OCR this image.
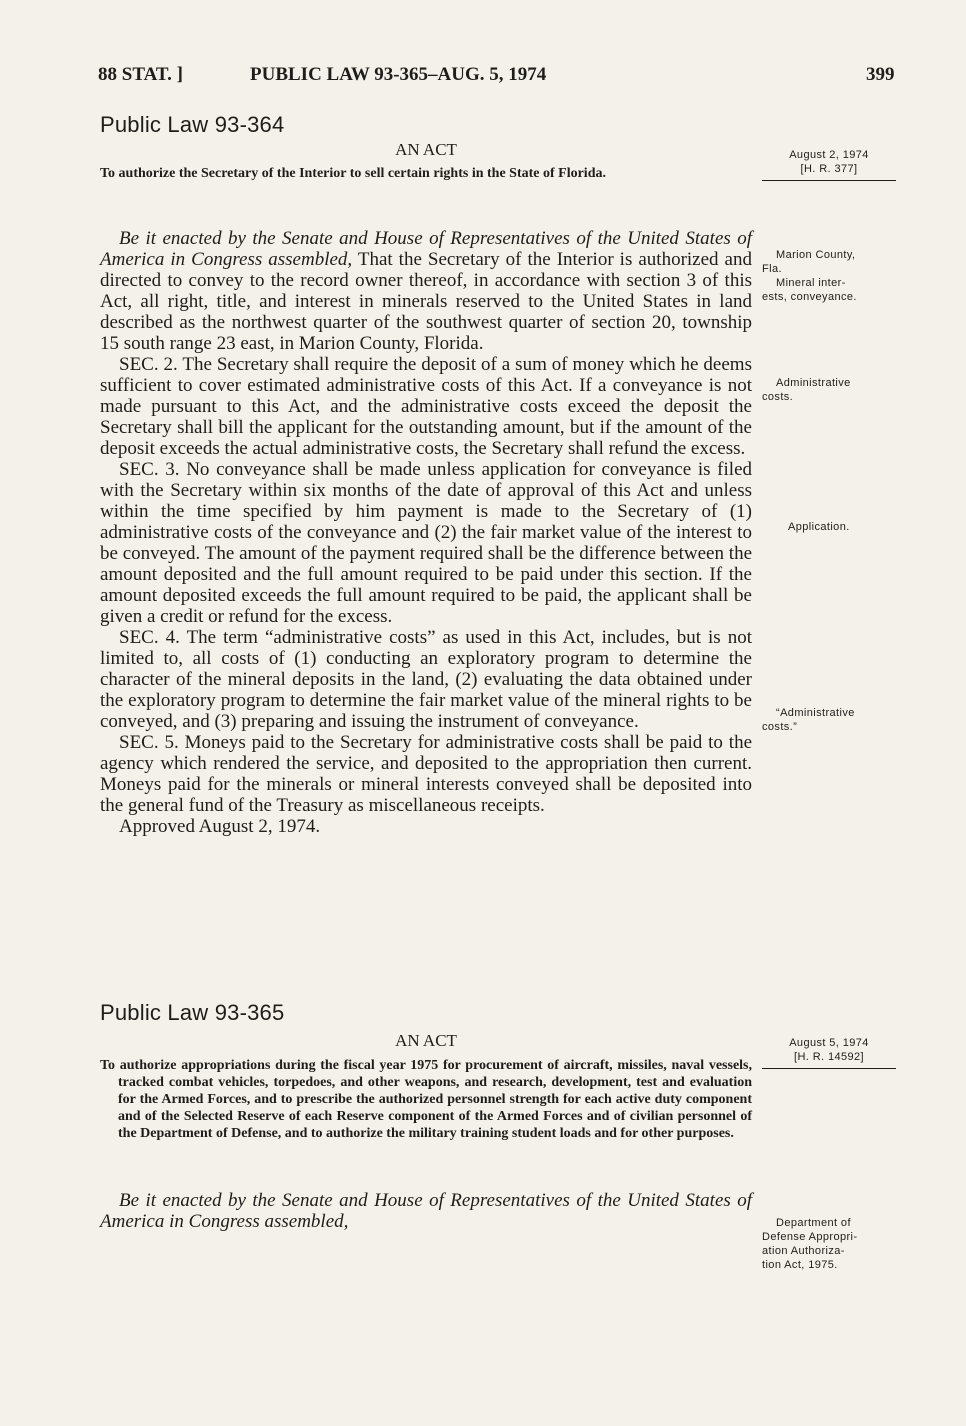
88 STAT. ]	PUBLIC LAW 93-365–AUG. 5, 1974	399
Public Law 93-364
AN ACT
To authorize the Secretary of the Interior to sell certain rights in the State of Florida.
August 2, 1974
[H. R. 377]

Be it enacted by the Senate and House of Representatives of the United States of America in Congress assembled, That the Secretary of the Interior is authorized and directed to convey to the record owner thereof, in accordance with section 3 of this Act, all right, title, and interest in minerals reserved to the United States in land described as the northwest quarter of the southwest quarter of section 20, township 15 south range 23 east, in Marion County, Florida.

SEC. 2. The Secretary shall require the deposit of a sum of money which he deems sufficient to cover estimated administrative costs of this Act. If a conveyance is not made pursuant to this Act, and the administrative costs exceed the deposit the Secretary shall bill the applicant for the outstanding amount, but if the amount of the deposit exceeds the actual administrative costs, the Secretary shall refund the excess.

SEC. 3. No conveyance shall be made unless application for conveyance is filed with the Secretary within six months of the date of approval of this Act and unless within the time specified by him payment is made to the Secretary of (1) administrative costs of the conveyance and (2) the fair market value of the interest to be conveyed. The amount of the payment required shall be the difference between the amount deposited and the full amount required to be paid under this section. If the amount deposited exceeds the full amount required to be paid, the applicant shall be given a credit or refund for the excess.

SEC. 4. The term “administrative costs” as used in this Act, includes, but is not limited to, all costs of (1) conducting an exploratory program to determine the character of the mineral deposits in the land, (2) evaluating the data obtained under the exploratory program to determine the fair market value of the mineral rights to be conveyed, and (3) preparing and issuing the instrument of conveyance.

SEC. 5. Moneys paid to the Secretary for administrative costs shall be paid to the agency which rendered the service, and deposited to the appropriation then current. Moneys paid for the minerals or mineral interests conveyed shall be deposited into the general fund of the Treasury as miscellaneous receipts.

Approved August 2, 1974.

Marion County,
Fla.
Mineral inter-
ests, conveyance.
Administrative
costs.
Application.
“Administrative
costs.”
Public Law 93-365
AN ACT
To authorize appropriations during the fiscal year 1975 for procurement of aircraft, missiles, naval vessels, tracked combat vehicles, torpedoes, and other weapons, and research, development, test and evaluation for the Armed Forces, and to prescribe the authorized personnel strength for each active duty component and of the Selected Reserve of each Reserve component of the Armed Forces and of civilian personnel of the Department of Defense, and to authorize the military training student loads and for other purposes.
August 5, 1974
[H. R. 14592]

Be it enacted by the Senate and House of Representatives of the United States of America in Congress assembled,	Department of
Defense Appropri-
ation Authoriza-
tion Act, 1975.
